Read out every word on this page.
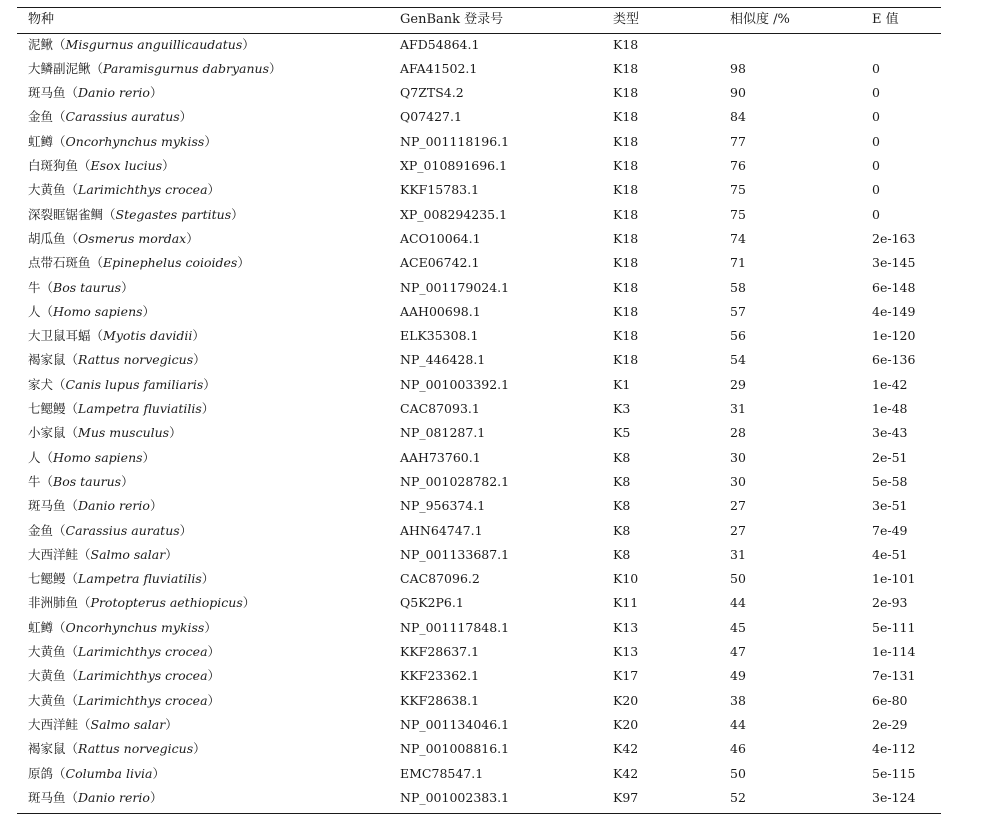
物种	GenBank 登录号	类型	相似度 /%	E 值
泥鳅（Misgurnus anguillicaudatus）	AFD54864.1	K18
大鳞副泥鳅（Paramisgurnus dabryanus）	AFA41502.1	K18	98	0
斑马鱼（Danio rerio）	Q7ZTS4.2	K18	90	0
金鱼（Carassius auratus）	Q07427.1	K18	84	0
虹鳟（Oncorhynchus mykiss）	NP_001118196.1	K18	77	0
白斑狗鱼（Esox lucius）	XP_010891696.1	K18	76	0
大黄鱼（Larimichthys crocea）	KKF15783.1	K18	75	0
深裂眶锯雀鲷（Stegastes partitus）	XP_008294235.1	K18	75	0
胡瓜鱼（Osmerus mordax）	ACO10064.1	K18	74	2e-163
点带石斑鱼（Epinephelus coioides）	ACE06742.1	K18	71	3e-145
牛（Bos taurus）	NP_001179024.1	K18	58	6e-148
人（Homo sapiens）	AAH00698.1	K18	57	4e-149
大卫鼠耳蝠（Myotis davidii）	ELK35308.1	K18	56	1e-120
褐家鼠（Rattus norvegicus）	NP_446428.1	K18	54	6e-136
家犬（Canis lupus familiaris）	NP_001003392.1	K1	29	1e-42
七鳃鳗（Lampetra fluviatilis）	CAC87093.1	K3	31	1e-48
小家鼠（Mus musculus）	NP_081287.1	K5	28	3e-43
人（Homo sapiens）	AAH73760.1	K8	30	2e-51
牛（Bos taurus）	NP_001028782.1	K8	30	5e-58
斑马鱼（Danio rerio）	NP_956374.1	K8	27	3e-51
金鱼（Carassius auratus）	AHN64747.1	K8	27	7e-49
大西洋鲑（Salmo salar）	NP_001133687.1	K8	31	4e-51
七鳃鳗（Lampetra fluviatilis）	CAC87096.2	K10	50	1e-101
非洲肺鱼（Protopterus aethiopicus）	Q5K2P6.1	K11	44	2e-93
虹鳟（Oncorhynchus mykiss）	NP_001117848.1	K13	45	5e-111
大黄鱼（Larimichthys crocea）	KKF28637.1	K13	47	1e-114
大黄鱼（Larimichthys crocea）	KKF23362.1	K17	49	7e-131
大黄鱼（Larimichthys crocea）	KKF28638.1	K20	38	6e-80
大西洋鲑（Salmo salar）	NP_001134046.1	K20	44	2e-29
褐家鼠（Rattus norvegicus）	NP_001008816.1	K42	46	4e-112
原鸽（Columba livia）	EMC78547.1	K42	50	5e-115
斑马鱼（Danio rerio）	NP_001002383.1	K97	52	3e-124
